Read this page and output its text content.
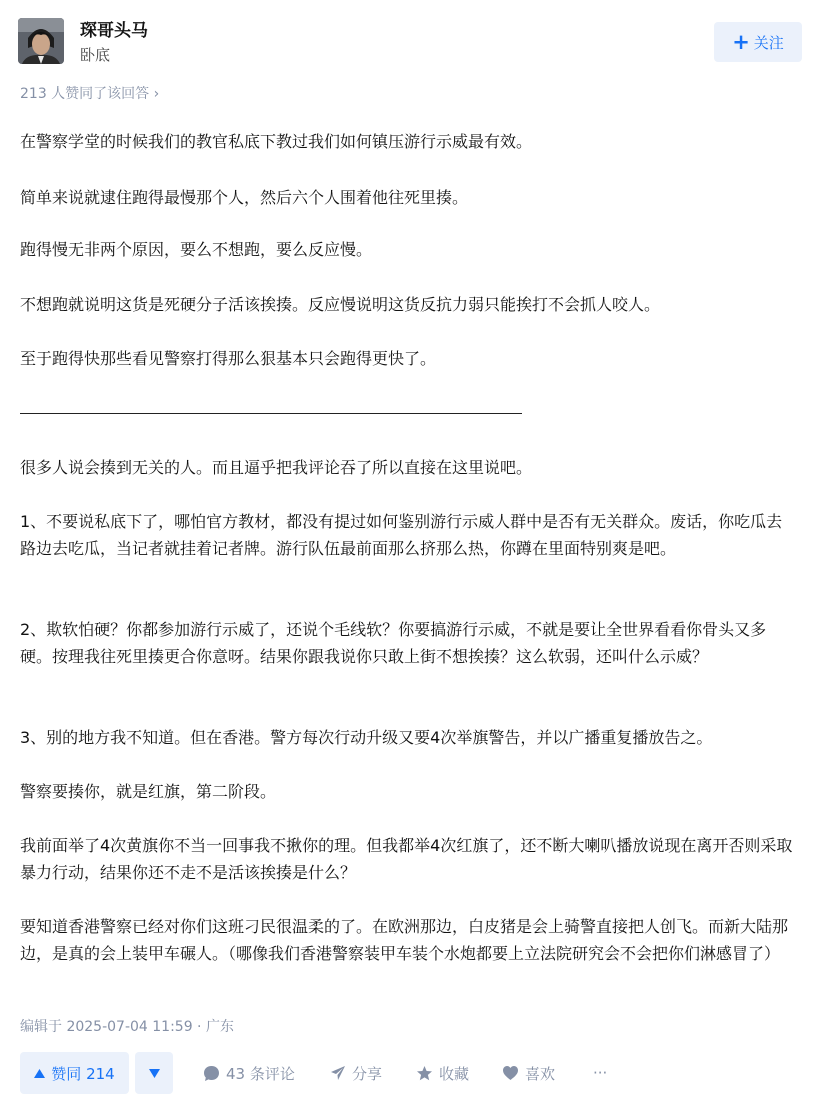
琛哥头马
卧底
+ 关注
213 人赞同了该回答 ›

在警察学堂的时候我们的教官私底下教过我们如何镇压游行示威最有效。

简单来说就逮住跑得最慢那个人，然后六个人围着他往死里揍。

跑得慢无非两个原因，要么不想跑，要么反应慢。

不想跑就说明这货是死硬分子活该挨揍。反应慢说明这货反抗力弱只能挨打不会抓人咬人。

至于跑得快那些看见警察打得那么狠基本只会跑得更快了。

很多人说会揍到无关的人。而且逼乎把我评论吞了所以直接在这里说吧。

1、不要说私底下了，哪怕官方教材，都没有提过如何鉴别游行示威人群中是否有无关群众。废话，你吃瓜去路边去吃瓜，当记者就挂着记者牌。游行队伍最前面那么挤那么热，你蹲在里面特别爽是吧。

2、欺软怕硬？你都参加游行示威了，还说个毛线软？你要搞游行示威，不就是要让全世界看看你骨头又多硬。按理我往死里揍更合你意呀。结果你跟我说你只敢上街不想挨揍？这么软弱，还叫什么示威？

3、别的地方我不知道。但在香港。警方每次行动升级又要4次举旗警告，并以广播重复播放告之。

警察要揍你，就是红旗，第二阶段。

我前面举了4次黄旗你不当一回事我不揪你的理。但我都举4次红旗了，还不断大喇叭播放说现在离开否则采取暴力行动，结果你还不走不是活该挨揍是什么？

要知道香港警察已经对你们这班刁民很温柔的了。在欧洲那边，白皮猪是会上骑警直接把人创飞。而新大陆那边，是真的会上装甲车碾人。（哪像我们香港警察装甲车装个水炮都要上立法院研究会不会把你们淋感冒了）

编辑于 2025-07-04 11:59 · 广东
赞同 214	43 条评论	分享	收藏	喜欢	···
